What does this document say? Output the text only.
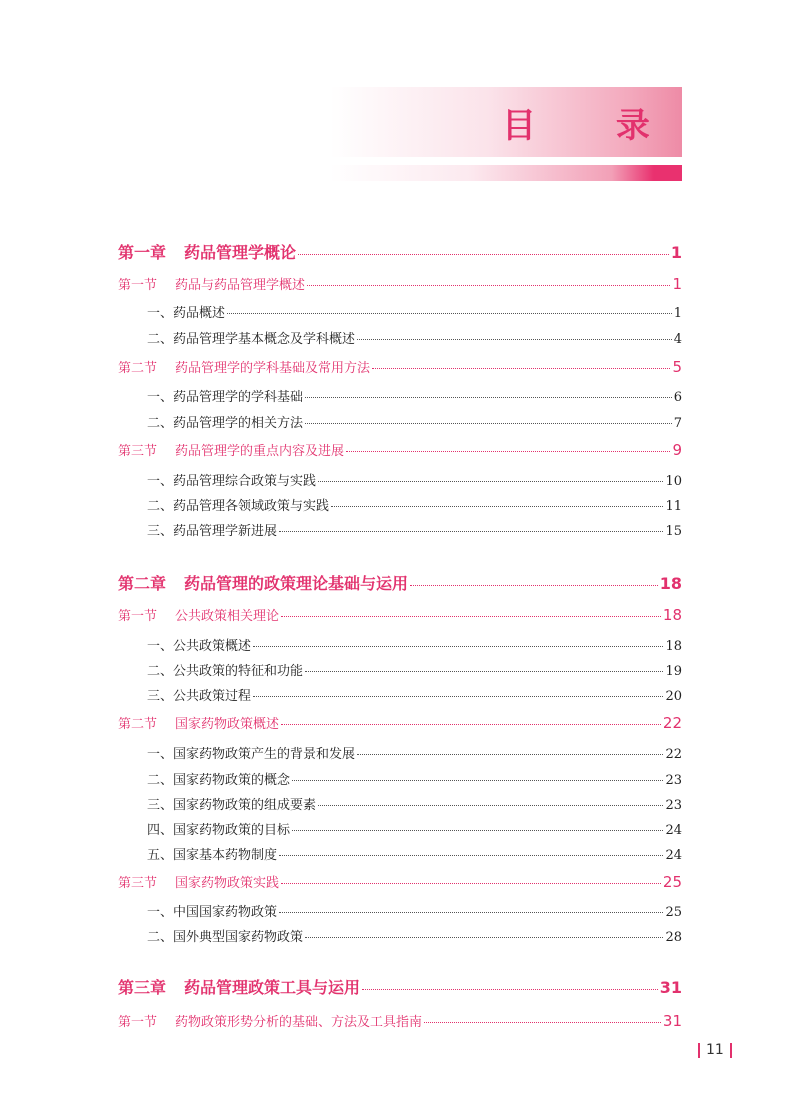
目 录
第一章 药品管理学概论	1
第一节 药品与药品管理学概述	1
一、药品概述	1
二、药品管理学基本概念及学科概述	4
第二节 药品管理学的学科基础及常用方法	5
一、药品管理学的学科基础	6
二、药品管理学的相关方法	7
第三节 药品管理学的重点内容及进展	9
一、药品管理综合政策与实践	10
二、药品管理各领域政策与实践	11
三、药品管理学新进展	15
第二章 药品管理的政策理论基础与运用	18
第一节 公共政策相关理论	18
一、公共政策概述	18
二、公共政策的特征和功能	19
三、公共政策过程	20
第二节 国家药物政策概述	22
一、国家药物政策产生的背景和发展	22
二、国家药物政策的概念	23
三、国家药物政策的组成要素	23
四、国家药物政策的目标	24
五、国家基本药物制度	24
第三节 国家药物政策实践	25
一、中国国家药物政策	25
二、国外典型国家药物政策	28
第三章 药品管理政策工具与运用	31
第一节 药物政策形势分析的基础、方法及工具指南	31
11
